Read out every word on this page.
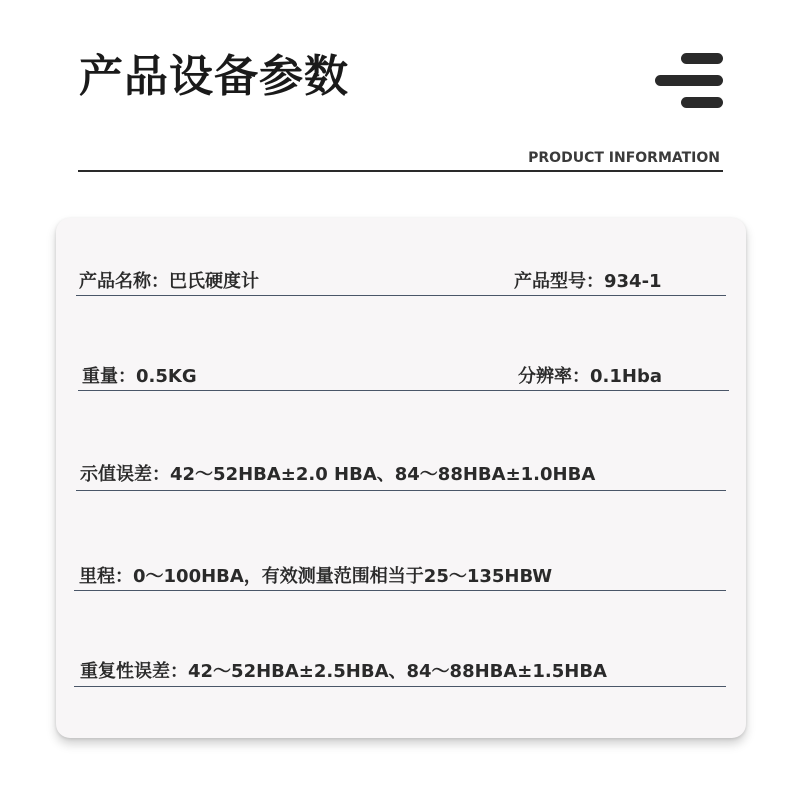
产品设备参数
PRODUCT INFORMATION
产品名称：巴氏硬度计	产品型号：934-1
重量：0.5KG	分辨率：0.1Hba
示值误差：42～52HBA±2.0 HBA、84～88HBA±1.0HBA
里程：0～100HBA，有效测量范围相当于25～135HBW
重复性误差：42～52HBA±2.5HBA、84～88HBA±1.5HBA
